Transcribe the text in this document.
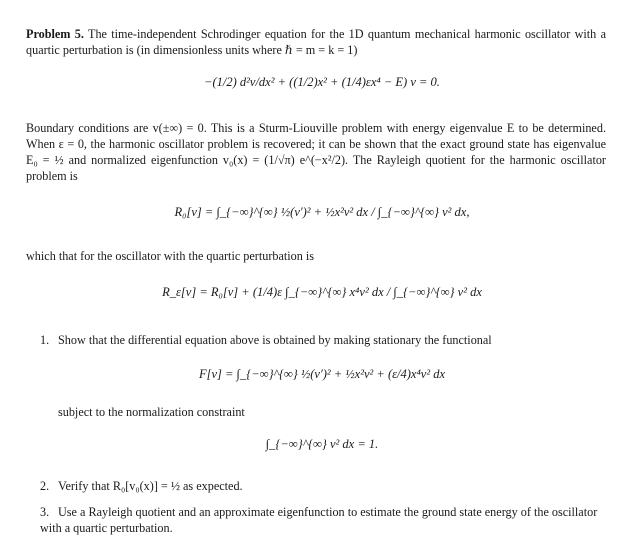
Problem 5. The time-independent Schrodinger equation for the 1D quantum mechanical harmonic oscillator with a quartic perturbation is (in dimensionless units where ℏ = m = k = 1)

−(1/2) d²v/dx² + ((1/2)x² + (1/4)εx⁴ − E) v = 0.

Boundary conditions are v(±∞) = 0. This is a Sturm-Liouville problem with energy eigenvalue E to be determined. When ε = 0, the harmonic oscillator problem is recovered; it can be shown that the exact ground state has eigenvalue E₀ = ½ and normalized eigenfunction v₀(x) = (1/√π) e^(−x²/2). The Rayleigh quotient for the harmonic oscillator problem is

R₀[v] = ∫_{−∞}^{∞} ½(v′)² + ½x²v² dx / ∫_{−∞}^{∞} v² dx,

which that for the oscillator with the quartic perturbation is

R_ε[v] = R₀[v] + (1/4)ε ∫_{−∞}^{∞} x⁴v² dx / ∫_{−∞}^{∞} v² dx
1. Show that the differential equation above is obtained by making stationary the functional
F[v] = ∫_{−∞}^{∞} ½(v′)² + ½x²v² + (ε/4)x⁴v² dx
subject to the normalization constraint
∫_{−∞}^{∞} v² dx = 1.
2. Verify that R₀[v₀(x)] = ½ as expected.
3. Use a Rayleigh quotient and an approximate eigenfunction to estimate the ground state energy of the oscillator with a quartic perturbation.
